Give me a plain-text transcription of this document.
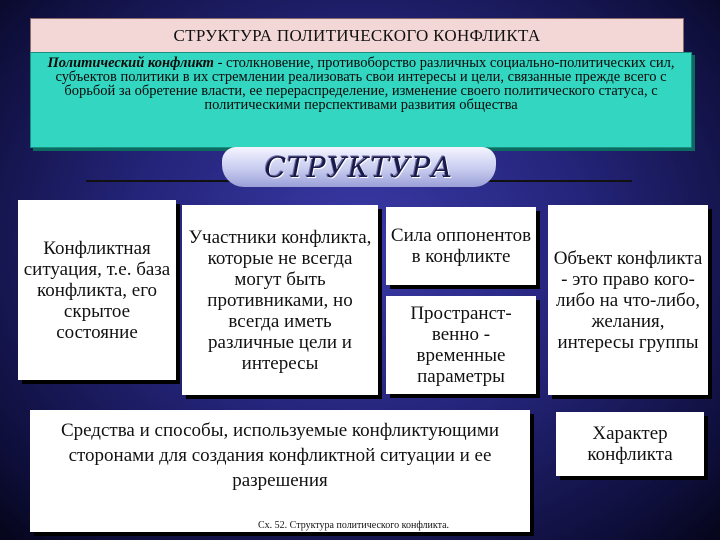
СТРУКТУРА ПОЛИТИЧЕСКОГО КОНФЛИКТА
Политический конфликт - столкновение, противоборство различных социально-политических сил, субъектов политики в их стремлении реализовать свои интересы и цели, связанные прежде всего с борьбой за обретение власти, ее перераспределение, изменение своего политического статуса, с политическими перспективами развития общества
СТРУКТУРА
Конфликтная ситуация, т.е. база конфликта, его скрытое состояние
Участники конфликта, которые не всегда могут быть противниками, но всегда иметь различные цели и интересы
Сила оппонентов в конфликте
Пространст-венно - временные параметры
Объект конфликта - это право кого-либо на что-либо, желания, интересы группы
Средства и способы, используемые конфликтующими сторонами для создания конфликтной ситуации и ее разрешения
Характер конфликта
Сх. 52. Структура политического конфликта.
